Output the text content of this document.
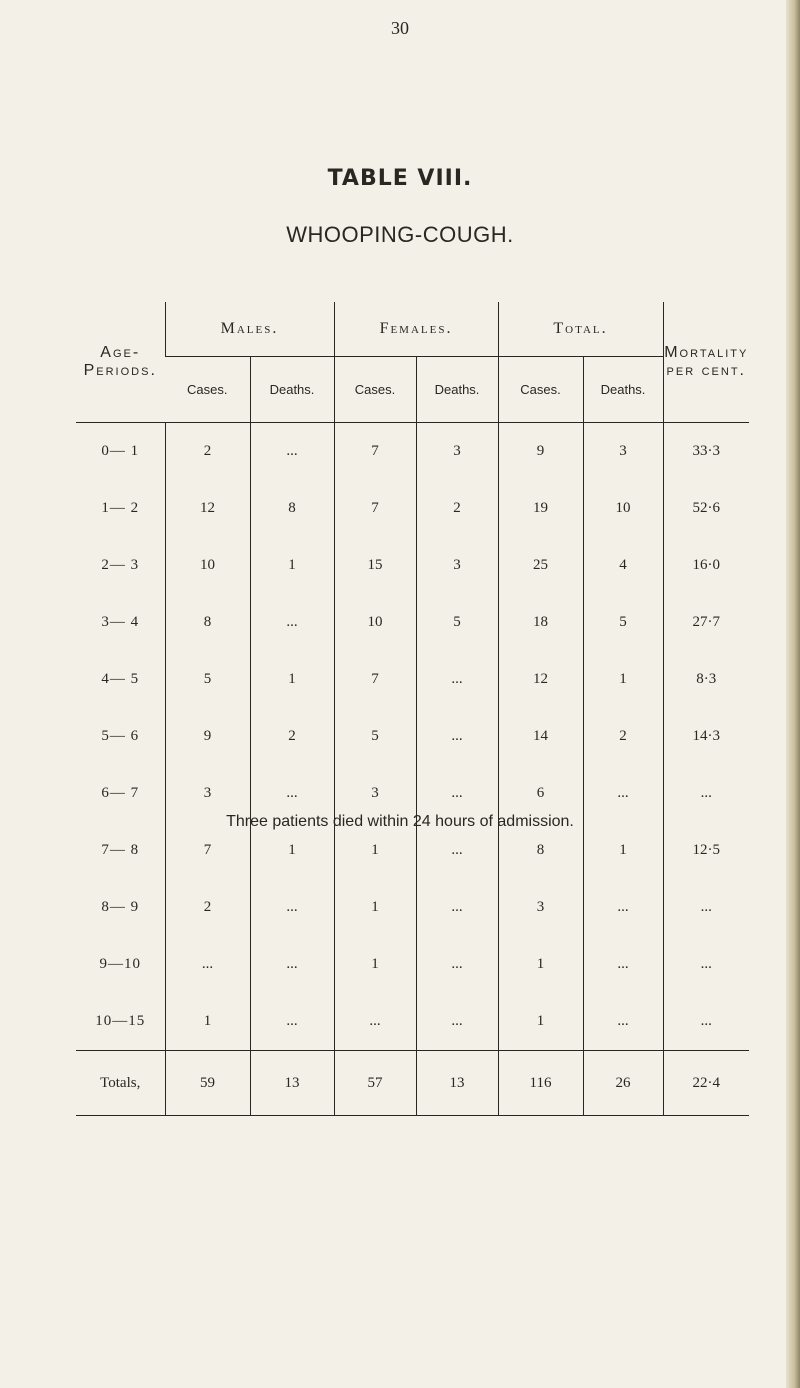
30
TABLE VIII.
WHOOPING-COUGH.
Age-
Periods.	Males.		Females.		Total.		Mortality
per cent.
	Cases.	Deaths.	Cases.	Deaths.	Cases.	Deaths.	
0— 1	2	...	7	3	9	3	33·3
1— 2	12	8	7	2	19	10	52·6
2— 3	10	1	15	3	25	4	16·0
3— 4	8	...	10	5	18	5	27·7
4— 5	5	1	7	...	12	1	8·3
5— 6	9	2	5	...	14	2	14·3
6— 7	3	...	3	...	6	...	...
7— 8	7	1	1	...	8	1	12·5
8— 9	2	...	1	...	3	...	...
9—10	...	...	1	...	1	...	...
10—15	1	...	...	...	1	...	...
Totals,	59	13	57	13	116	26	22·4
Three patients died within 24 hours of admission.
